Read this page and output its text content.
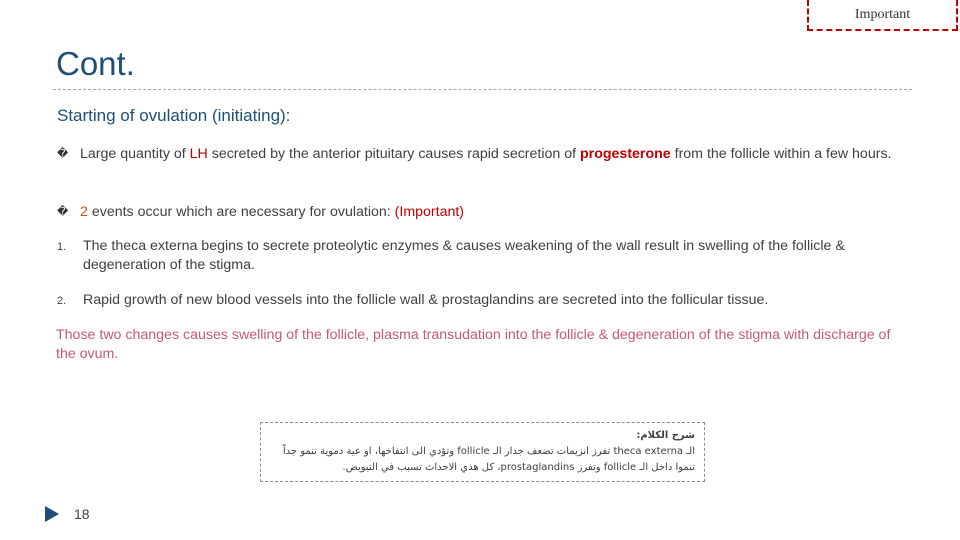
Important
Cont.
Starting of ovulation (initiating):
� Large quantity of LH secreted by the anterior pituitary causes rapid secretion of progesterone from the follicle within a few hours.
� 2 events occur which are necessary for ovulation: (Important)
1. The theca externa begins to secrete proteolytic enzymes & causes weakening of the wall result in swelling of the follicle & degeneration of the stigma.
2. Rapid growth of new blood vessels into the follicle wall & prostaglandins are secreted into the follicular tissue.
Those two changes causes swelling of the follicle, plasma transudation into the follicle & degeneration of the stigma with discharge of the ovum.
شرح الكلام:
الـ theca externa تفرز انزيمات تضعف جدار الـ follicle وتؤدي الى انتفاخها، او عية دموية تنمو جداً
تنموا داخل الـ follicle وتفرز prostaglandins، كل هذي الاحداث تسبب في التبويض.
18
